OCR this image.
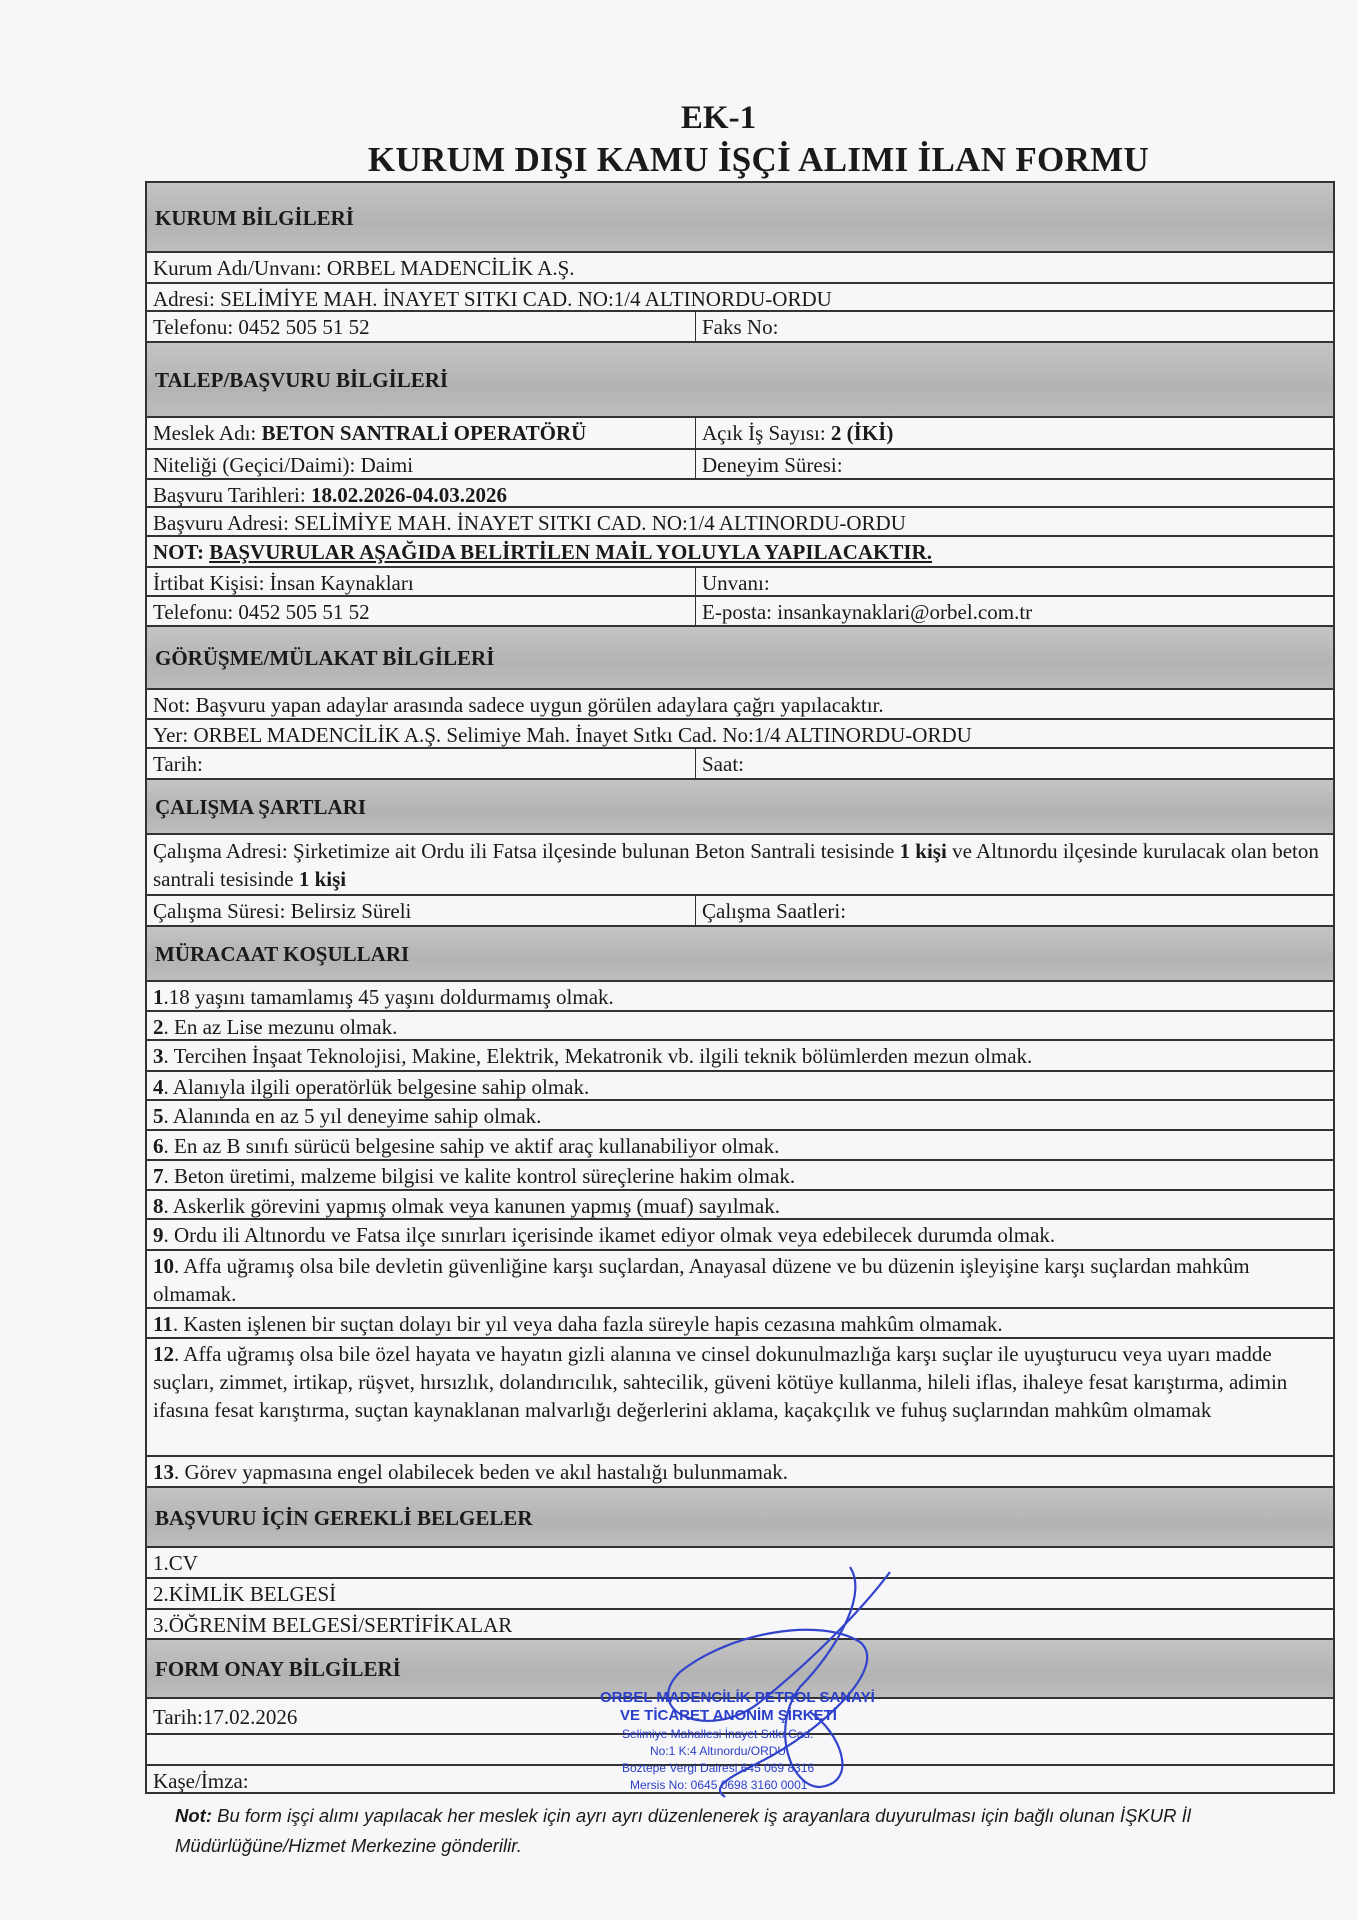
EK-1
KURUM DIŞI KAMU İŞÇİ ALIMI İLAN FORMU
KURUM BİLGİLERİ
Kurum Adı/Unvanı: ORBEL MADENCİLİK A.Ş.
Adresi: SELİMİYE MAH. İNAYET SITKI CAD. NO:1/4 ALTINORDU-ORDU
Telefonu: 0452 505 51 52	Faks No:
TALEP/BAŞVURU BİLGİLERİ
Meslek Adı: BETON SANTRALİ OPERATÖRÜ	Açık İş Sayısı: 2 (İKİ)
Niteliği (Geçici/Daimi): Daimi	Deneyim Süresi:
Başvuru Tarihleri: 18.02.2026-04.03.2026
Başvuru Adresi: SELİMİYE MAH. İNAYET SITKI CAD. NO:1/4 ALTINORDU-ORDU
NOT: BAŞVURULAR AŞAĞIDA BELİRTİLEN MAİL YOLUYLA YAPILACAKTIR.
İrtibat Kişisi: İnsan Kaynakları	Unvanı:
Telefonu: 0452 505 51 52	E-posta: insankaynaklari@orbel.com.tr
GÖRÜŞME/MÜLAKAT BİLGİLERİ
Not: Başvuru yapan adaylar arasında sadece uygun görülen adaylara çağrı yapılacaktır.
Yer: ORBEL MADENCİLİK A.Ş. Selimiye Mah. İnayet Sıtkı Cad. No:1/4 ALTINORDU-ORDU
Tarih:	Saat:
ÇALIŞMA ŞARTLARI
Çalışma Adresi: Şirketimize ait Ordu ili Fatsa ilçesinde bulunan Beton Santrali tesisinde 1 kişi ve Altınordu ilçesinde kurulacak olan beton santrali tesisinde 1 kişi
Çalışma Süresi: Belirsiz Süreli	Çalışma Saatleri:
MÜRACAAT KOŞULLARI
1.18 yaşını tamamlamış 45 yaşını doldurmamış olmak.
2. En az Lise mezunu olmak.
3. Tercihen İnşaat Teknolojisi, Makine, Elektrik, Mekatronik vb. ilgili teknik bölümlerden mezun olmak.
4. Alanıyla ilgili operatörlük belgesine sahip olmak.
5. Alanında en az 5 yıl deneyime sahip olmak.
6. En az B sınıfı sürücü belgesine sahip ve aktif araç kullanabiliyor olmak.
7. Beton üretimi, malzeme bilgisi ve kalite kontrol süreçlerine hakim olmak.
8. Askerlik görevini yapmış olmak veya kanunen yapmış (muaf) sayılmak.
9. Ordu ili Altınordu ve Fatsa ilçe sınırları içerisinde ikamet ediyor olmak veya edebilecek durumda olmak.
10. Affa uğramış olsa bile devletin güvenliğine karşı suçlardan, Anayasal düzene ve bu düzenin işleyişine karşı suçlardan mahkûm olmamak.
11. Kasten işlenen bir suçtan dolayı bir yıl veya daha fazla süreyle hapis cezasına mahkûm olmamak.
12. Affa uğramış olsa bile özel hayata ve hayatın gizli alanına ve cinsel dokunulmazlığa karşı suçlar ile uyuşturucu veya uyarı madde suçları, zimmet, irtikap, rüşvet, hırsızlık, dolandırıcılık, sahtecilik, güveni kötüye kullanma, hileli iflas, ihaleye fesat karıştırma, adimin ifasına fesat karıştırma, suçtan kaynaklanan malvarlığı değerlerini aklama, kaçakçılık ve fuhuş suçlarından mahkûm olmamak
13. Görev yapmasına engel olabilecek beden ve akıl hastalığı bulunmamak.
BAŞVURU İÇİN GEREKLİ BELGELER
1.CV
2.KİMLİK BELGESİ
3.ÖĞRENİM BELGESİ/SERTİFİKALAR
FORM ONAY BİLGİLERİ
Tarih:17.02.2026
Kaşe/İmza:
Not: Bu form işçi alımı yapılacak her meslek için ayrı ayrı düzenlenerek iş arayanlara duyurulması için bağlı olunan İŞKUR İl Müdürlüğüne/Hizmet Merkezine gönderilir.
ORBEL MADENCİLİK PETROL SANAYİ
VE TİCARET ANONİM ŞİRKETİ
Selimiye Mahallesi İnayet Sıtkı Cad.
No:1 K:4 Altınordu/ORDU
Boztepe Vergi Dairesi 645 069 8316
Mersis No: 0645 0698 3160 0001
